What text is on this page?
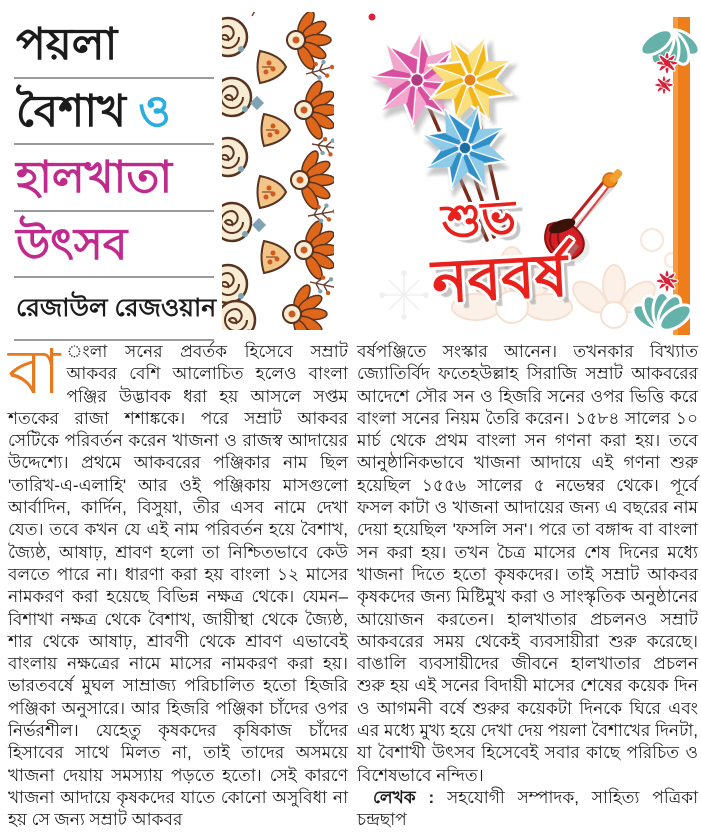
পয়লা
বৈশাখ ও
হালখাতা
উৎসব
রেজাউল রেজওয়ান
শুভ
নববর্ষ
বা ংলা সনের প্রবর্তক হিসেবে সম্রাট আকবর বেশি আলোচিত হলেও বাংলা পঞ্জির উদ্ভাবক ধরা হয় আসলে সপ্তম শতকের রাজা শশাঙ্ককে। পরে সম্রাট আকবর সেটিকে পরিবর্তন করেন খাজনা ও রাজস্ব আদায়ের উদ্দেশ্যে। প্রথমে আকবরের পঞ্জিকার নাম ছিল 'তারিখ-এ-এলাহি' আর ওই পঞ্জিকায় মাসগুলো আর্বাদিন, কার্দিন, বিসুয়া, তীর এসব নামে দেখা যেত। তবে কখন যে এই নাম পরিবর্তন হয়ে বৈশাখ, জ্যৈষ্ঠ, আষাঢ়, শ্রাবণ হলো তা নিশ্চিতভাবে কেউ বলতে পারে না। ধারণা করা হয় বাংলা ১২ মাসের নামকরণ করা হয়েছে বিভিন্ন নক্ষত্র থেকে। যেমন– বিশাখা নক্ষত্র থেকে বৈশাখ, জায়ীস্থা থেকে জ্যৈষ্ঠ, শার থেকে আষাঢ়, শ্রাবণী থেকে শ্রাবণ এভাবেই বাংলায় নক্ষত্রের নামে মাসের নামকরণ করা হয়। ভারতবর্ষে মুঘল সাম্রাজ্য পরিচালিত হতো হিজরি পঞ্জিকা অনুসারে। আর হিজরি পঞ্জিকা চাঁদের ওপর নির্ভরশীল। যেহেতু কৃষকদের কৃষিকাজ চাঁদের হিসাবের সাথে মিলত না, তাই তাদের অসময়ে খাজনা দেয়ায় সমস্যায় পড়তে হতো। সেই কারণে খাজনা আদায়ে কৃষকদের যাতে কোনো অসুবিধা না হয় সে জন্য সম্রাট আকবর
বর্ষপঞ্জিতে সংস্কার আনেন। তখনকার বিখ্যাত জ্যোতির্বিদ ফতেহউল্লাহ সিরাজি সম্রাট আকবরের আদেশে সৌর সন ও হিজরি সনের ওপর ভিত্তি করে বাংলা সনের নিয়ম তৈরি করেন। ১৫৮৪ সালের ১০ মার্চ থেকে প্রথম বাংলা সন গণনা করা হয়। তবে আনুষ্ঠানিকভাবে খাজনা আদায়ে এই গণনা শুরু হয়েছিল ১৫৫৬ সালের ৫ নভেম্বর থেকে। পূর্বে ফসল কাটা ও খাজনা আদায়ের জন্য এ বছরের নাম দেয়া হয়েছিল 'ফসলি সন'। পরে তা বঙ্গাব্দ বা বাংলা সন করা হয়। তখন চৈত্র মাসের শেষ দিনের মধ্যে খাজনা দিতে হতো কৃষকদের। তাই সম্রাট আকবর কৃষকদের জন্য মিষ্টিমুখ করা ও সাংস্কৃতিক অনুষ্ঠানের আয়োজন করতেন। হালখাতার প্রচলনও সম্রাট আকবরের সময় থেকেই ব্যবসায়ীরা শুরু করেছে। বাঙালি ব্যবসায়ীদের জীবনে হালখাতার প্রচলন শুরু হয় এই সনের বিদায়ী মাসের শেষের কয়েক দিন ও আগমনী বর্ষে শুরুর কয়েকটা দিনকে ঘিরে এবং এর মধ্যে মুখ্য হয়ে দেখা দেয় পয়লা বৈশাখের দিনটা, যা বৈশাখী উৎসব হিসেবেই সবার কাছে পরিচিত ও বিশেষভাবে নন্দিত।
লেখক : সহযোগী সম্পাদক, সাহিত্য পত্রিকা চন্দ্রছাপ
